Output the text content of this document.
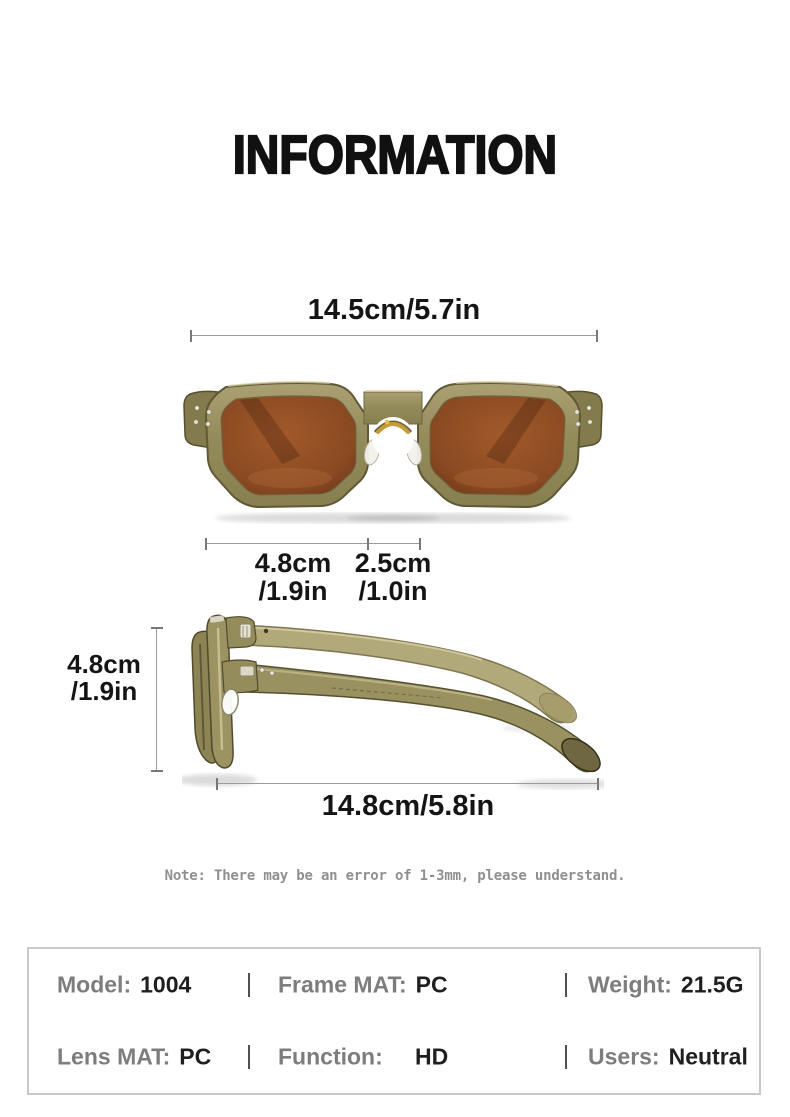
INFORMATION
14.5cm/5.7in
4.8cm
/1.9in
2.5cm
/1.0in
4.8cm
/1.9in
14.8cm/5.8in
Note: There may be an error of 1-3mm, please understand.
Model: 1004	Frame MAT: PC	Weight: 21.5G
Lens MAT: PC	Function: HD	Users: Neutral
